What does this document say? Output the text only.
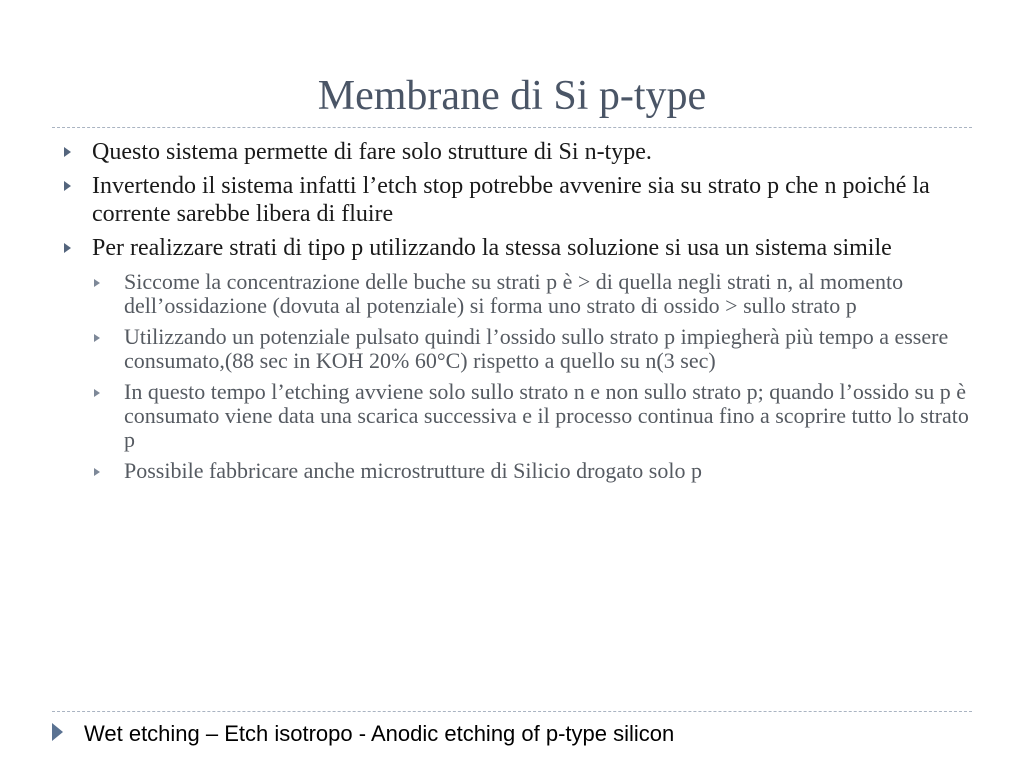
Membrane di Si p-type
Questo sistema permette di fare solo strutture di Si n-type.
Invertendo il sistema infatti l’etch stop potrebbe avvenire sia su strato p che n poiché la corrente sarebbe libera di fluire
Per realizzare strati di tipo p utilizzando la stessa soluzione si usa un sistema simile
Siccome la concentrazione delle buche su strati p è > di quella negli strati n, al momento dell’ossidazione (dovuta al potenziale) si forma uno strato di ossido > sullo strato p
Utilizzando un potenziale pulsato quindi l’ossido sullo strato p impiegherà più tempo a essere consumato,(88 sec in KOH 20% 60°C) rispetto a quello su n(3 sec)
In questo tempo l’etching avviene solo sullo strato n e non sullo strato p; quando l’ossido su p è consumato viene data una scarica successiva e il processo continua fino a scoprire tutto lo strato p
Possibile fabbricare anche microstrutture di Silicio drogato solo p
Wet etching – Etch isotropo - Anodic etching of p-type silicon
